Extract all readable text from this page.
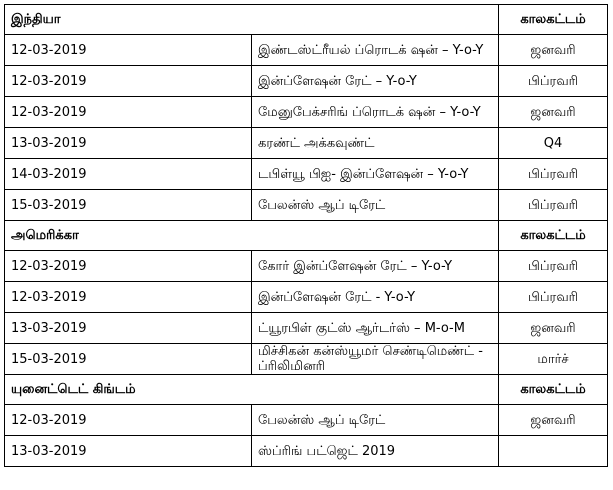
இந்தியா		காலகட்டம்
12-03-2019	இண்டஸ்ட்ரீயல் ப்ரொடக் ஷன் – Y-o-Y	ஜனவரி
12-03-2019	இன்ப்ளேஷன் ரேட் – Y-o-Y	பிப்ரவரி
12-03-2019	மேனுபேக்சரிங் ப்ரொடக் ஷன் – Y-o-Y	ஜனவரி
13-03-2019	கரண்ட் அக்கவுண்ட்	Q4
14-03-2019	டபிள்யூ பிஐ- இன்ப்ளேஷன் – Y-o-Y	பிப்ரவரி
15-03-2019	பேலன்ஸ் ஆப் டிரேட்	பிப்ரவரி
அமெரிக்கா		காலகட்டம்
12-03-2019	கோர் இன்ப்ளேஷன் ரேட் – Y-o-Y	பிப்ரவரி
12-03-2019	இன்ப்ளேஷன் ரேட் - Y-o-Y	பிப்ரவரி
13-03-2019	ட்யூரபிள் குட்ஸ் ஆர்டர்ஸ் – M-o-M	ஜனவரி
15-03-2019	மிச்சிகன் கன்ஸ்யூமர் செண்டிமெண்ட் - ப்ரிலிமினரி	மார்ச்
யுனைட்டெட் கிங்டம்		காலகட்டம்
12-03-2019	பேலன்ஸ் ஆப் டிரேட்	ஜனவரி
13-03-2019	ஸ்ப்ரிங் பட்ஜெட் 2019	
